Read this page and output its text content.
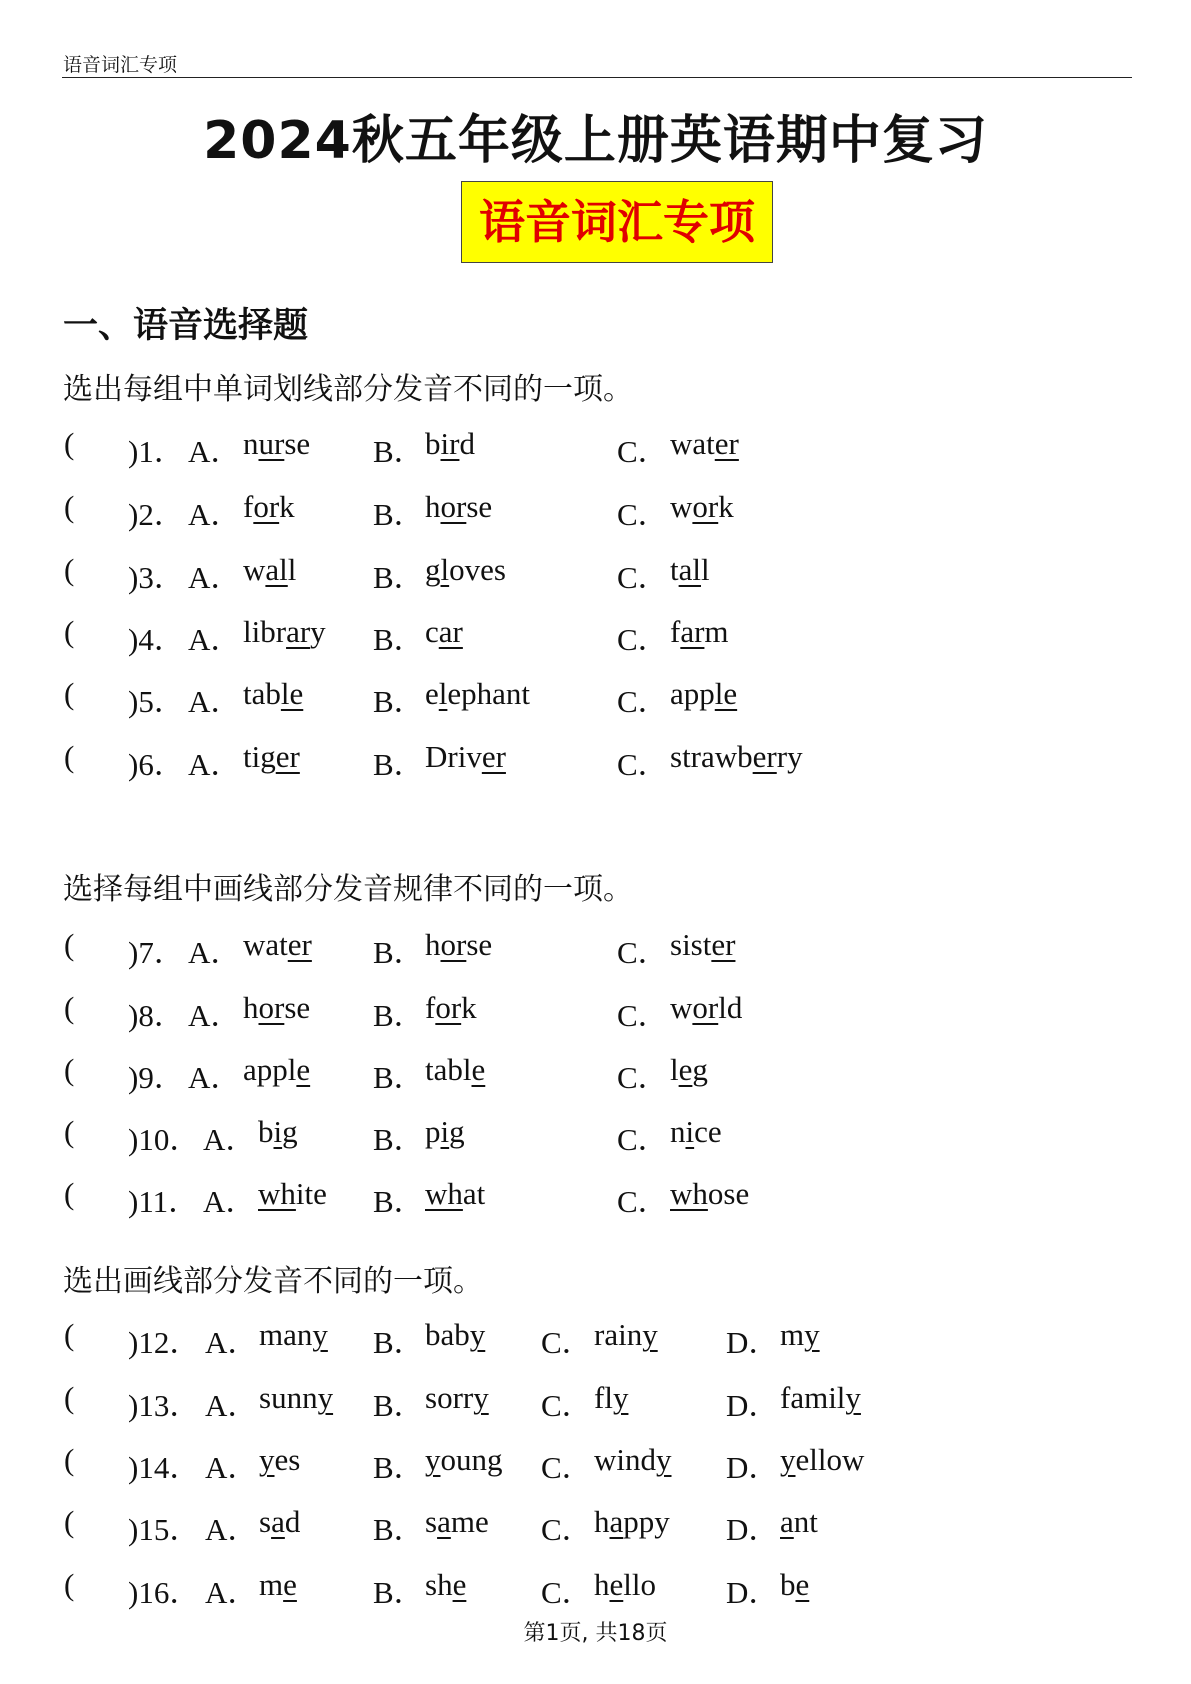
语音词汇专项
2024秋五年级上册英语期中复习
语音词汇专项
一、语音选择题
选出每组中单词划线部分发音不同的一项。
( )1． A． nurse B． bird	C． water
( )2． A． fork	B． horse	C． work
( )3． A． wall B． gloves	C． tall
( )4． A． library B． car	C． farm
( )5． A． table B． elephant	C． apple
( )6． A． tiger B． Driver	C． strawberry
选择每组中画线部分发音规律不同的一项。
( )7． A． water B． horse	C． sister
( )8． A． horse B． fork	C． world
( )9． A． apple B． table	C． leg
( )10． A． big B． pig	C． nice
( )11． A． white B． what	C． whose
选出画线部分发音不同的一项。
( )12． A． many B． baby C． rainy D． my
( )13． A． sunny B． sorry C． fly	D． family
( )14． A． yes B． young C． windy D． yellow
( )15． A． sad B． same C． happy D． ant
( )16． A． me B． she C． hello D． be
第1页, 共18页
